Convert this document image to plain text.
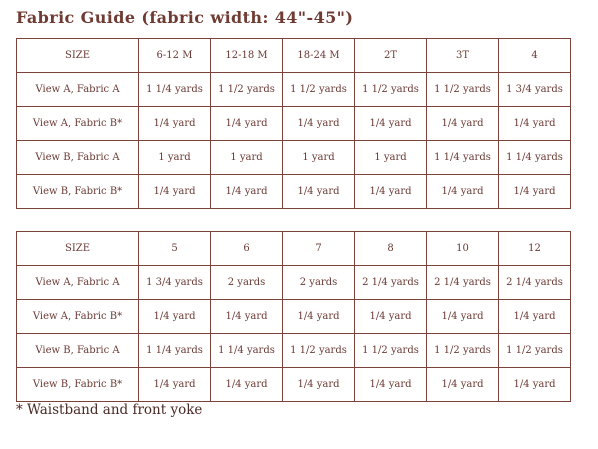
Fabric Guide (fabric width: 44"-45")
SIZE	6-12 M	12-18 M	18-24 M	2T	3T	4
View A, Fabric A	1 1/4 yards	1 1/2 yards	1 1/2 yards	1 1/2 yards	1 1/2 yards	1 3/4 yards
View A, Fabric B*	1/4 yard	1/4 yard	1/4 yard	1/4 yard	1/4 yard	1/4 yard
View B, Fabric A	1 yard	1 yard	1 yard	1 yard	1 1/4 yards	1 1/4 yards
View B, Fabric B*	1/4 yard	1/4 yard	1/4 yard	1/4 yard	1/4 yard	1/4 yard
SIZE	5	6	7	8	10	12
View A, Fabric A	1 3/4 yards	2 yards	2 yards	2 1/4 yards	2 1/4 yards	2 1/4 yards
View A, Fabric B*	1/4 yard	1/4 yard	1/4 yard	1/4 yard	1/4 yard	1/4 yard
View B, Fabric A	1 1/4 yards	1 1/4 yards	1 1/2 yards	1 1/2 yards	1 1/2 yards	1 1/2 yards
View B, Fabric B*	1/4 yard	1/4 yard	1/4 yard	1/4 yard	1/4 yard	1/4 yard
* Waistband and front yoke
